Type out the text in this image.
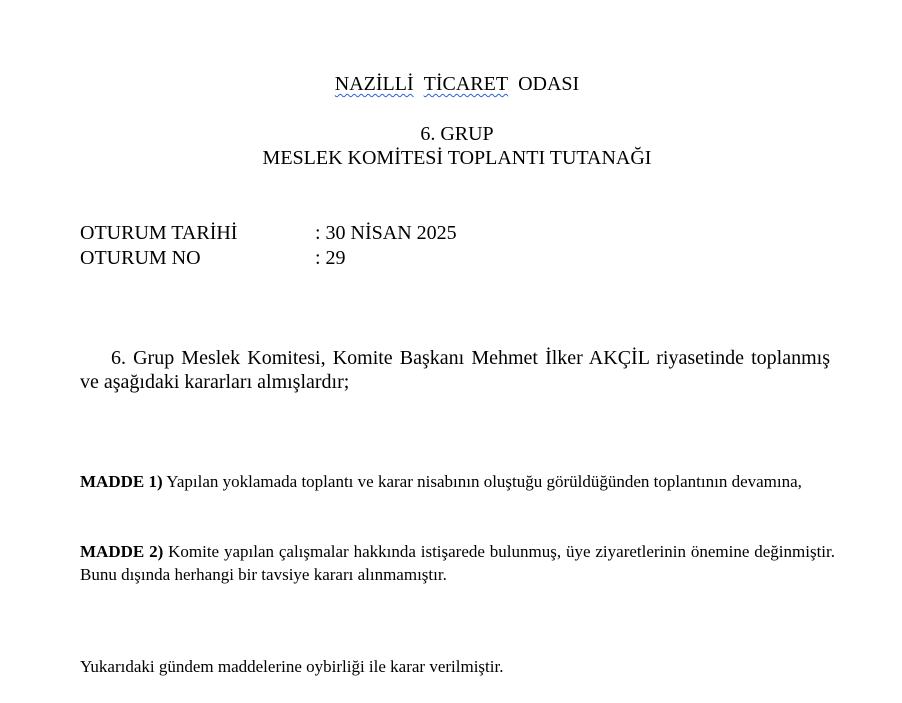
NAZİLLİ TİCARET ODASI
6. GRUP
MESLEK KOMİTESİ TOPLANTI TUTANAĞI
OTURUM TARİHİ	: 30 NİSAN 2025
OTURUM NO	: 29

6. Grup Meslek Komitesi, Komite Başkanı Mehmet İlker AKÇİL riyasetinde toplanmış ve aşağıdaki kararları almışlardır;

MADDE 1) Yapılan yoklamada toplantı ve karar nisabının oluştuğu görüldüğünden toplantının devamına,

MADDE 2) Komite yapılan çalışmalar hakkında istişarede bulunmuş, üye ziyaretlerinin önemine değinmiştir. Bunu dışında herhangi bir tavsiye kararı alınmamıştır.

Yukarıdaki gündem maddelerine oybirliği ile karar verilmiştir.
